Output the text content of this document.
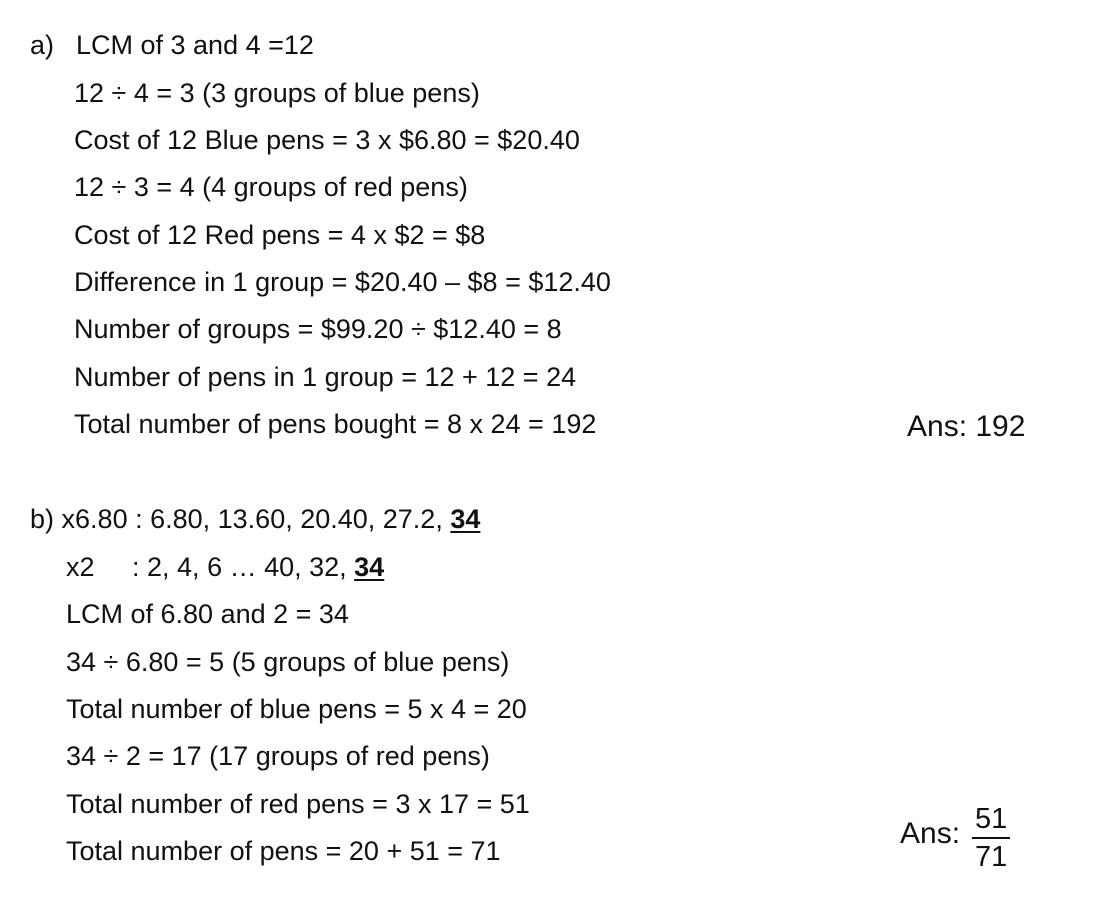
a) LCM of 3 and 4 =12
12 ÷ 4 = 3 (3 groups of blue pens)
Cost of 12 Blue pens = 3 x $6.80 = $20.40
12 ÷ 3 = 4 (4 groups of red pens)
Cost of 12 Red pens = 4 x $2 = $8
Difference in 1 group = $20.40 – $8 = $12.40
Number of groups = $99.20 ÷ $12.40 = 8
Number of pens in 1 group = 12 + 12 = 24
Total number of pens bought = 8 x 24 = 192	Ans: 192
b) x6.80 : 6.80, 13.60, 20.40, 27.2, 34
x2     : 2, 4, 6 … 40, 32, 34
LCM of 6.80 and 2 = 34
34 ÷ 6.80 = 5 (5 groups of blue pens)
Total number of blue pens = 5 x 4 = 20
34 ÷ 2 = 17 (17 groups of red pens)
Total number of red pens = 3 x 17 = 51
Total number of pens = 20 + 51 = 71
Ans: $\frac{51}{71}$
